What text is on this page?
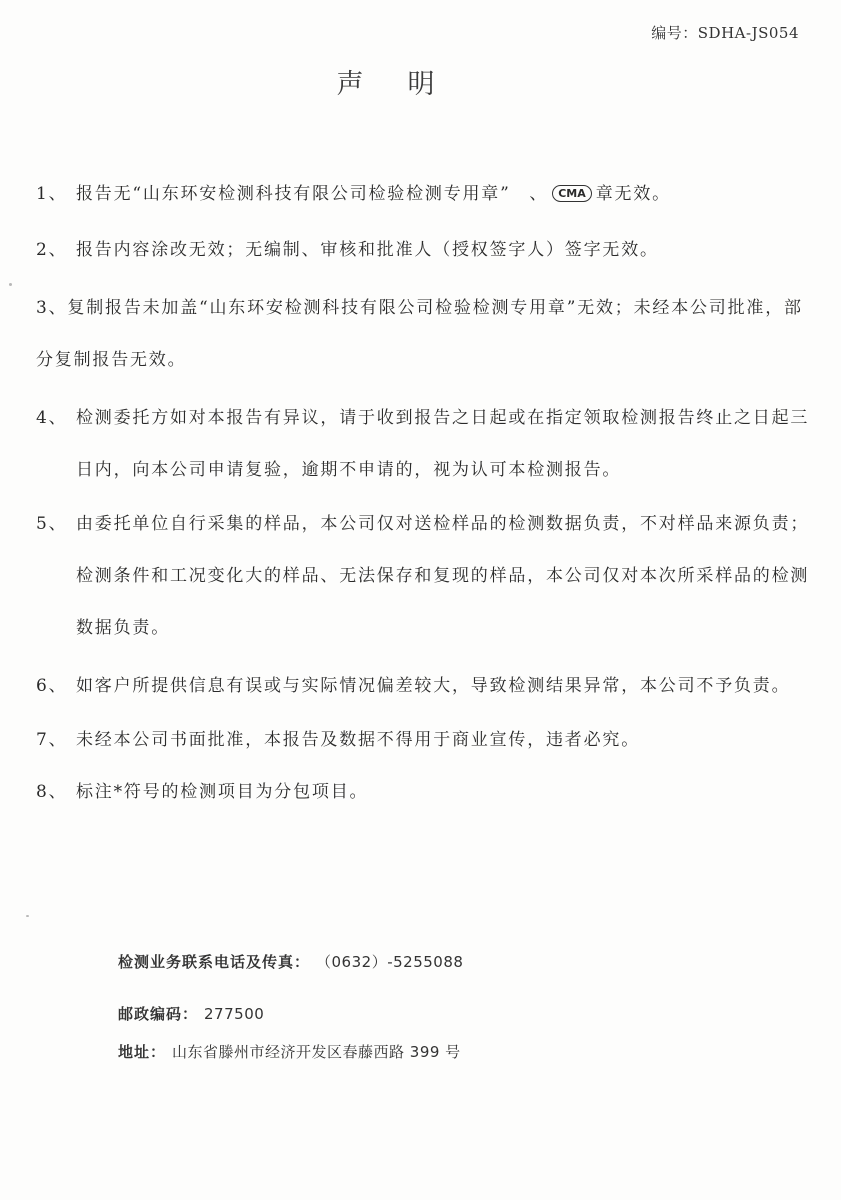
编号：SDHA-JS054
声明
1、 报告无“山东环安检测科技有限公司检验检测专用章”　、 CMA 章无效。
2、 报告内容涂改无效；无编制、审核和批准人（授权签字人）签字无效。
3、复制报告未加盖“山东环安检测科技有限公司检验检测专用章”无效；未经本公司批准，部分复制报告无效。
4、 检测委托方如对本报告有异议，请于收到报告之日起或在指定领取检测报告终止之日起三日内，向本公司申请复验，逾期不申请的，视为认可本检测报告。
5、 由委托单位自行采集的样品，本公司仅对送检样品的检测数据负责，不对样品来源负责；检测条件和工况变化大的样品、无法保存和复现的样品，本公司仅对本次所采样品的检测数据负责。
6、 如客户所提供信息有误或与实际情况偏差较大，导致检测结果异常，本公司不予负责。
7、 未经本公司书面批准，本报告及数据不得用于商业宣传，违者必究。
8、 标注*符号的检测项目为分包项目。
检测业务联系电话及传真： （0632）-5255088
邮政编码： 277500
地址： 山东省滕州市经济开发区春藤西路 399 号
